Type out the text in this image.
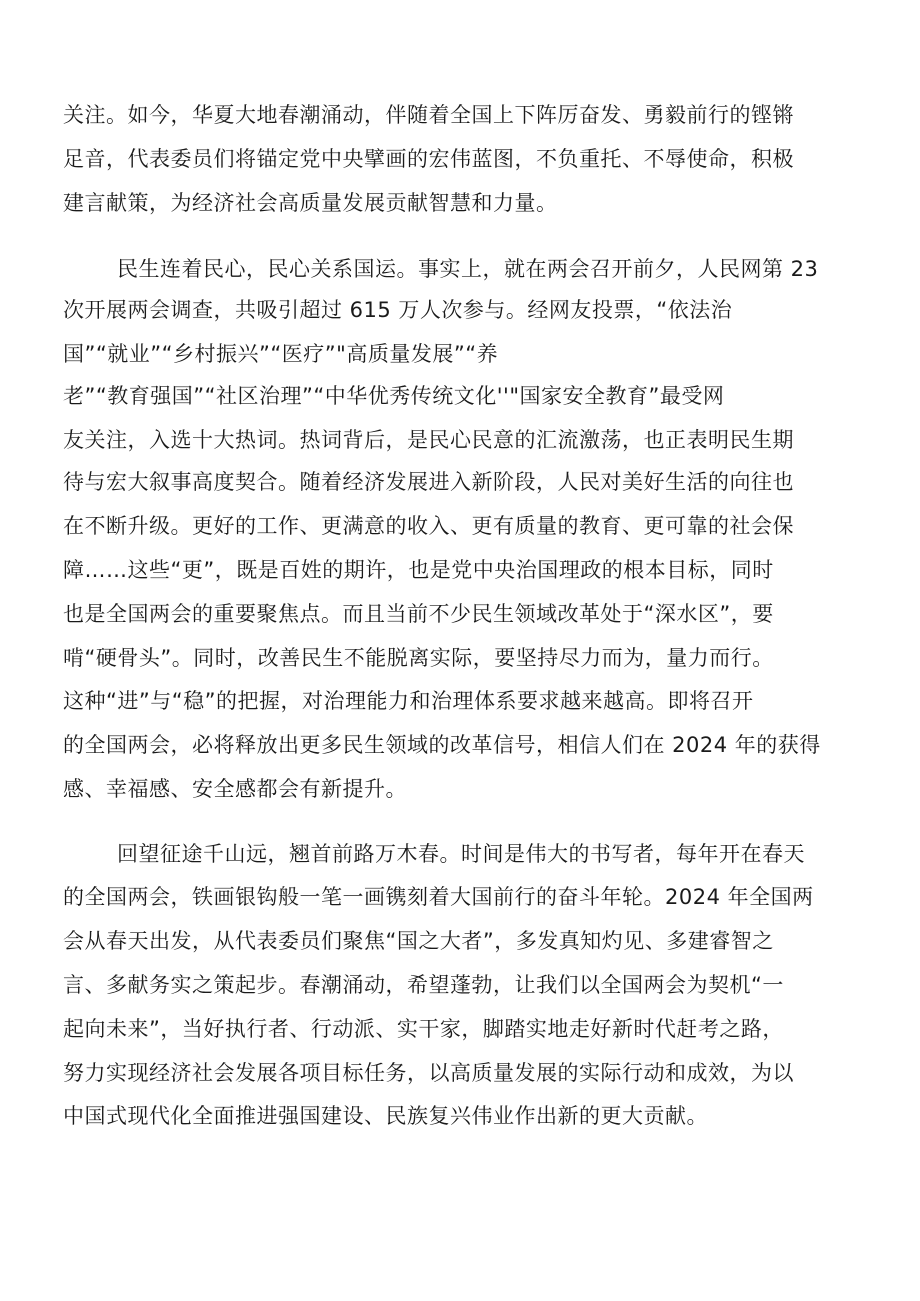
关注。如今，华夏大地春潮涌动，伴随着全国上下阵厉奋发、勇毅前行的铿锵
足音，代表委员们将锚定党中央擘画的宏伟蓝图，不负重托、不辱使命，积极
建言献策，为经济社会高质量发展贡献智慧和力量。
民生连着民心，民心关系国运。事实上，就在两会召开前夕，人民网第 23
次开展两会调查，共吸引超过 615 万人次参与。经网友投票，“依法治
国”“就业”“乡村振兴”“医疗”"高质量发展”“养
老”“教育强国”“社区治理”“中华优秀传统文化''"国家安全教育”最受网
友关注，入选十大热词。热词背后，是民心民意的汇流激荡，也正表明民生期
待与宏大叙事高度契合。随着经济发展进入新阶段，人民对美好生活的向往也
在不断升级。更好的工作、更满意的收入、更有质量的教育、更可靠的社会保
障……这些“更”，既是百姓的期许，也是党中央治国理政的根本目标，同时
也是全国两会的重要聚焦点。而且当前不少民生领域改革处于“深水区”，要
啃“硬骨头”。同时，改善民生不能脱离实际，要坚持尽力而为，量力而行。
这种“进”与“稳”的把握，对治理能力和治理体系要求越来越高。即将召开
的全国两会，必将释放出更多民生领域的改革信号，相信人们在 2024 年的获得
感、幸福感、安全感都会有新提升。
回望征途千山远，翘首前路万木春。时间是伟大的书写者，每年开在春天
的全国两会，铁画银钩般一笔一画镌刻着大国前行的奋斗年轮。2024 年全国两
会从春天出发，从代表委员们聚焦“国之大者”，多发真知灼见、多建睿智之
言、多献务实之策起步。春潮涌动，希望蓬勃，让我们以全国两会为契机“一
起向未来”，当好执行者、行动派、实干家，脚踏实地走好新时代赶考之路，
努力实现经济社会发展各项目标任务，以高质量发展的实际行动和成效，为以
中国式现代化全面推进强国建设、民族复兴伟业作出新的更大贡献。
